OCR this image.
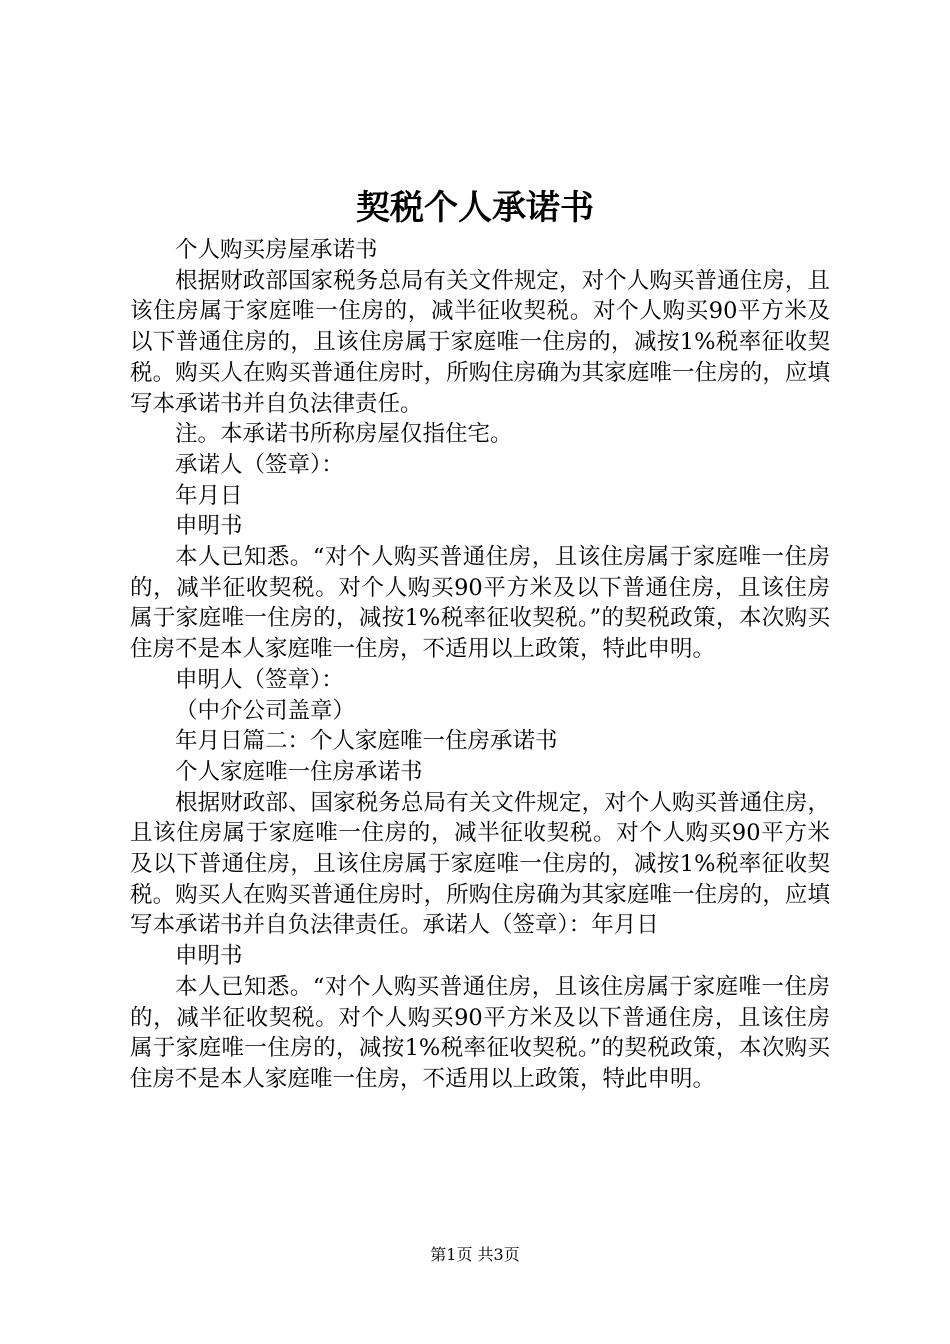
契税个人承诺书

个人购买房屋承诺书

根据财政部国家税务总局有关文件规定，对个人购买普通住房，且该住房属于家庭唯一住房的，减半征收契税。对个人购买90平方米及以下普通住房的，且该住房属于家庭唯一住房的，减按1%税率征收契税。购买人在购买普通住房时，所购住房确为其家庭唯一住房的，应填写本承诺书并自负法律责任。

注。本承诺书所称房屋仅指住宅。

承诺人（签章）：

年月日

申明书

本人已知悉。“对个人购买普通住房，且该住房属于家庭唯一住房的，减半征收契税。对个人购买90平方米及以下普通住房，且该住房属于家庭唯一住房的，减按1%税率征收契税。”的契税政策，本次购买住房不是本人家庭唯一住房，不适用以上政策，特此申明。

申明人（签章）：

（中介公司盖章）

年月日篇二：个人家庭唯一住房承诺书

个人家庭唯一住房承诺书

根据财政部、国家税务总局有关文件规定，对个人购买普通住房，且该住房属于家庭唯一住房的，减半征收契税。对个人购买90平方米及以下普通住房，且该住房属于家庭唯一住房的，减按1%税率征收契税。购买人在购买普通住房时，所购住房确为其家庭唯一住房的，应填写本承诺书并自负法律责任。承诺人（签章）：年月日

申明书

本人已知悉。“对个人购买普通住房，且该住房属于家庭唯一住房的，减半征收契税。对个人购买90平方米及以下普通住房，且该住房属于家庭唯一住房的，减按1%税率征收契税。”的契税政策，本次购买住房不是本人家庭唯一住房，不适用以上政策，特此申明。

第1页 共3页
